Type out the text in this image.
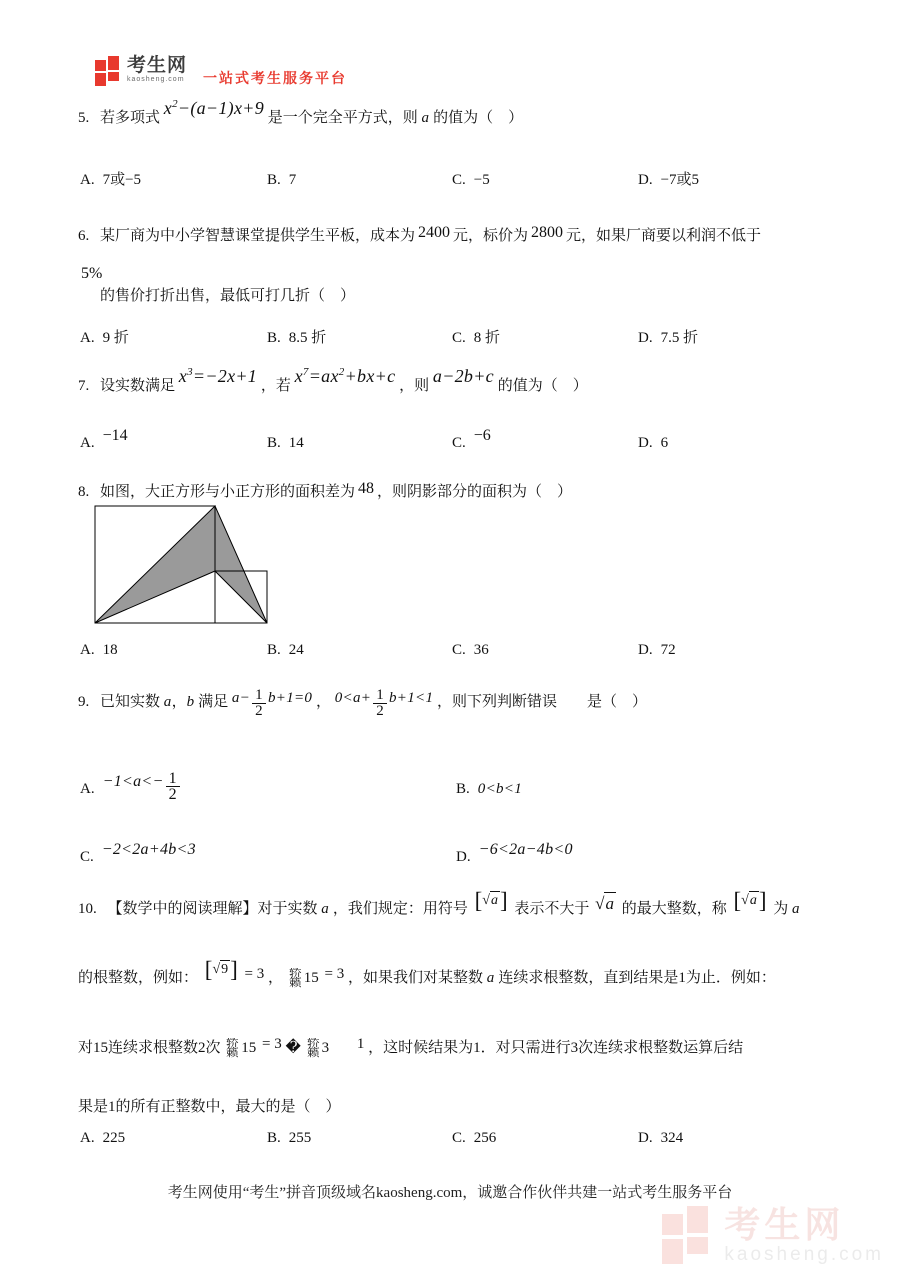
考生网
kaosheng.com 一站式考生服务平台
5. 若多项式 $x^2-(a-1)x+9$ 是一个完全平方式，则 a 的值为（　）
A. 7或−5	B. 7	C. −5	D. −7或5
6. 某厂商为中小学智慧课堂提供学生平板，成本为 2400 元，标价为 2800 元，如果厂商要以利润不低于
5%
的售价打折出售，最低可打几折（　）
A. 9 折	B. 8.5 折	C. 8 折	D. 7.5 折
7. 设实数满足 $x^3=-2x+1$ ，若 $x^7=ax^2+bx+c$ ，则 a−2b+c 的值为（　）
A. −14	B. 14	C. −6	D. 6
8. 如图，大正方形与小正方形的面积差为 48 ，则阴影部分的面积为（　）
A. 18	B. 24	C. 36	D. 72
9. 已知实数 a，b 满足 $a- \frac{1}{2} b+1=0$ ， $0<a+ \frac{1}{2} b+1<1$ ，则下列判断错误　　是（　）
A. $-1<a<- \frac{1}{2}$	B. 0<b<1
C. −2<2a+4b<3	D. −6<2a−4b<0
10. 【数学中的阅读理解】对于实数 a ，我们规定：用符号 [√a] 表示不大于 √a 的最大整数，称 [√a] 为 a
的根整数，例如： [√9] = 3 ， 轿
籁 15 = 3 ，如果我们对某整数 a 连续求根整数，直到结果是1为止．例如：
对15连续求根整数2次 轿
籁 15 = 3 � 轿
籁 3 1 ，这时候结果为1．对只需进行3次连续求根整数运算后结
果是1的所有正整数中，最大的是（　）
A. 225	B. 255	C. 256	D. 324
考生网使用“考生”拼音顶级域名kaosheng.com，诚邀合作伙伴共建一站式考生服务平台
考生网
kaosheng.com
